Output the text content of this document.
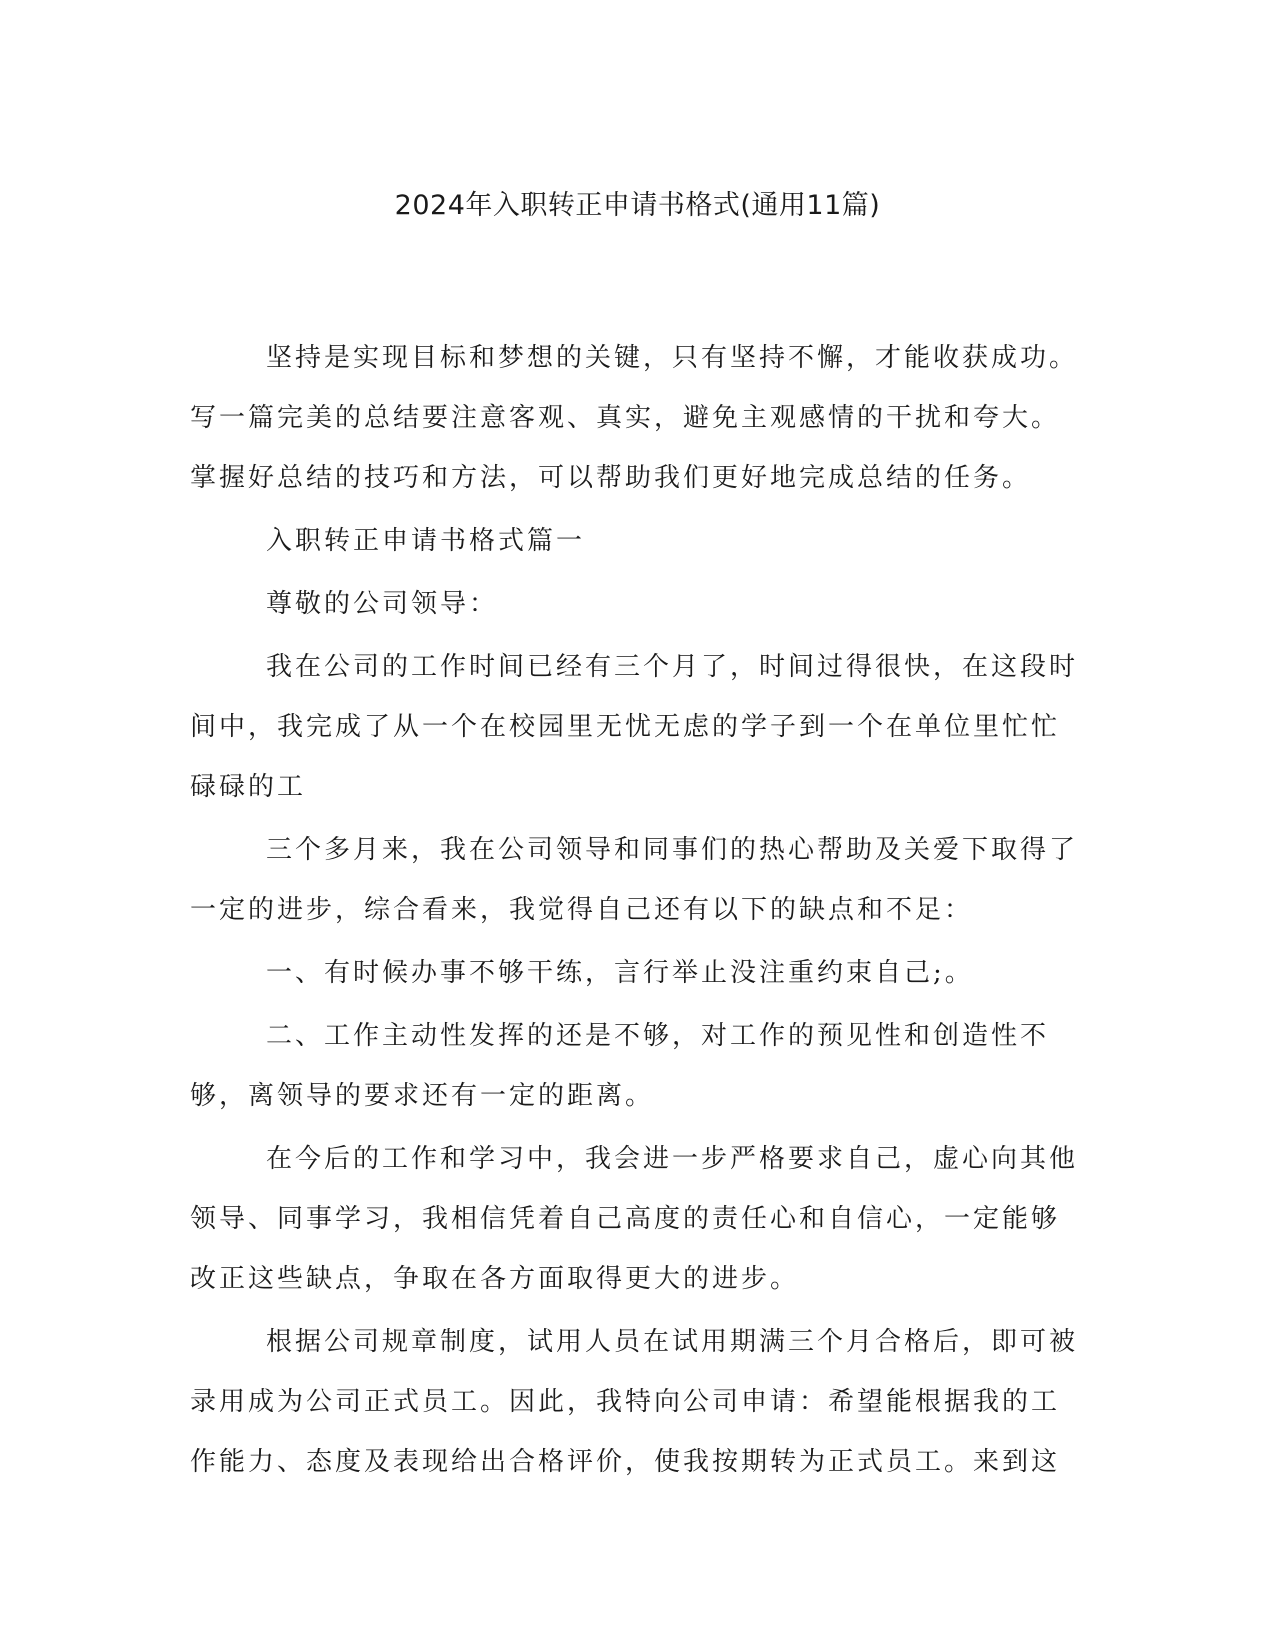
2024年入职转正申请书格式(通用11篇)

坚持是实现目标和梦想的关键，只有坚持不懈，才能收获成功。写一篇完美的总结要注意客观、真实，避免主观感情的干扰和夸大。掌握好总结的技巧和方法，可以帮助我们更好地完成总结的任务。

入职转正申请书格式篇一

尊敬的公司领导：

我在公司的工作时间已经有三个月了，时间过得很快，在这段时间中，我完成了从一个在校园里无忧无虑的学子到一个在单位里忙忙碌碌的工

三个多月来，我在公司领导和同事们的热心帮助及关爱下取得了一定的进步，综合看来，我觉得自己还有以下的缺点和不足：

一、有时候办事不够干练，言行举止没注重约束自己;。

二、工作主动性发挥的还是不够，对工作的预见性和创造性不够，离领导的要求还有一定的距离。

在今后的工作和学习中，我会进一步严格要求自己，虚心向其他领导、同事学习，我相信凭着自己高度的责任心和自信心，一定能够改正这些缺点，争取在各方面取得更大的进步。

根据公司规章制度，试用人员在试用期满三个月合格后，即可被录用成为公司正式员工。因此，我特向公司申请：希望能根据我的工作能力、态度及表现给出合格评价，使我按期转为正式员工。来到这
